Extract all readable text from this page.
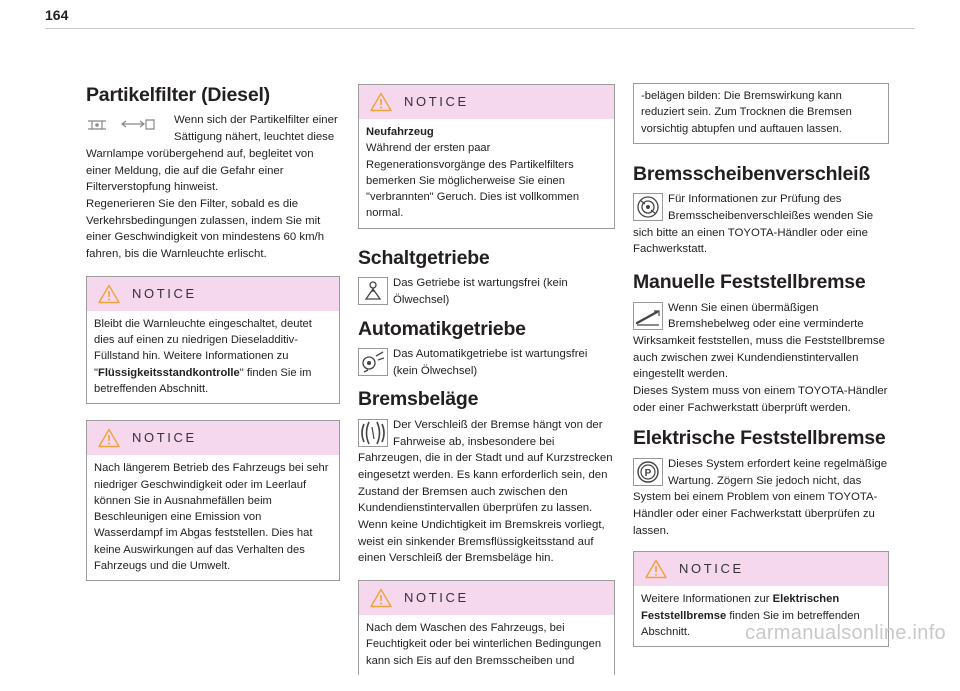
164
Partikelfilter (Diesel)

Wenn sich der Partikelfilter einer Sättigung nähert, leuchtet diese Warnlampe vorübergehend auf, begleitet von einer Meldung, die auf die Gefahr einer Filterverstopfung hinweist.

Regenerieren Sie den Filter, sobald es die Verkehrsbedingungen zulassen, indem Sie mit einer Geschwindigkeit von mindestens 60 km/h fahren, bis die Warnleuchte erlischt.

NOTICE

Bleibt die Warnleuchte eingeschaltet, deutet dies auf einen zu niedrigen Dieseladditiv-Füllstand hin. Weitere Informationen zu "Flüssigkeitsstandkontrolle" finden Sie im betreffenden Abschnitt.

NOTICE

Nach längerem Betrieb des Fahrzeugs bei sehr niedriger Geschwindigkeit oder im Leerlauf können Sie in Ausnahmefällen beim Beschleunigen eine Emission von Wasserdampf im Abgas feststellen. Dies hat keine Auswirkungen auf das Verhalten des Fahrzeugs und die Umwelt.

NOTICE

Neufahrzeug

Während der ersten paar Regenerationsvorgänge des Partikelfilters bemerken Sie möglicherweise Sie einen "verbrannten" Geruch. Dies ist vollkommen normal.

Schaltgetriebe

Das Getriebe ist wartungsfrei (kein Ölwechsel)

Automatikgetriebe

Das Automatikgetriebe ist wartungsfrei (kein Ölwechsel)

Bremsbeläge

Der Verschleiß der Bremse hängt von der Fahrweise ab, insbesondere bei Fahrzeugen, die in der Stadt und auf Kurzstrecken eingesetzt werden. Es kann erforderlich sein, den Zustand der Bremsen auch zwischen den Kundendienstintervallen überprüfen zu lassen.

Wenn keine Undichtigkeit im Bremskreis vorliegt, weist ein sinkender Bremsflüssigkeitsstand auf einen Verschleiß der Bremsbeläge hin.

NOTICE

Nach dem Waschen des Fahrzeugs, bei Feuchtigkeit oder bei winterlichen Bedingungen kann sich Eis auf den Bremsscheiben und

-belägen bilden: Die Bremswirkung kann reduziert sein. Zum Trocknen die Bremsen vorsichtig abtupfen und auftauen lassen.

Bremsscheibenverschleiß

Für Informationen zur Prüfung des Bremsscheibenverschleißes wenden Sie sich bitte an einen TOYOTA-Händler oder eine Fachwerkstatt.

Manuelle Feststellbremse

Wenn Sie einen übermäßigen Bremshebelweg oder eine verminderte Wirksamkeit feststellen, muss die Feststellbremse auch zwischen zwei Kundendienstintervallen eingestellt werden.

Dieses System muss von einem TOYOTA-Händler oder einer Fachwerkstatt überprüft werden.

Elektrische Feststellbremse
P

Dieses System erfordert keine regelmäßige Wartung. Zögern Sie jedoch nicht, das System bei einem Problem von einem TOYOTA-Händler oder einer Fachwerkstatt überprüfen zu lassen.

NOTICE

Weitere Informationen zur Elektrischen Feststellbremse finden Sie im betreffenden Abschnitt.	carmanualsonline.info
